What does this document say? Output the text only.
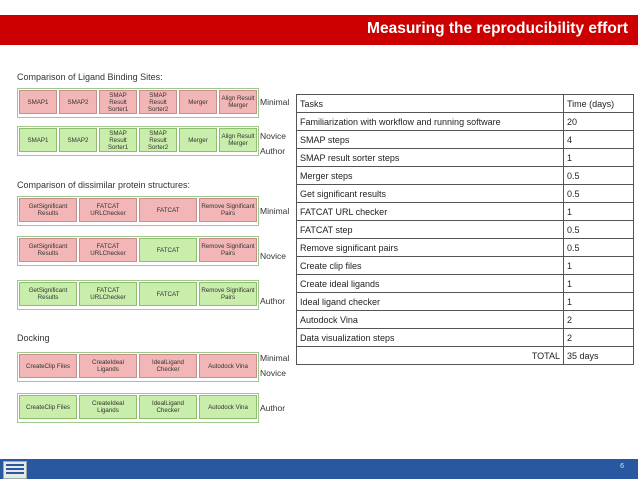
Measuring the reproducibility effort
Comparison of Ligand Binding Sites:
SMAP1	SMAP2
SMAP Result Sorter1
SMAP Result Sorter2
Merger	Align Result Merger	Minimal
SMAP1	SMAP2
SMAP Result Sorter1
SMAP Result Sorter2
Merger	Align Result Merger
Novice
Author
Comparison of dissimilar protein structures:
GetSignificant Results
FATCAT URLChecker	FATCAT	Remove Significant Pairs	Minimal
GetSignificant Results
FATCAT URLChecker	FATCAT	Remove Significant Pairs	Novice
GetSignificant Results
FATCAT URLChecker	FATCAT	Remove Significant Pairs	Author
Docking
CreateClip Files	CreateIdeal Ligands
IdealLigand Checker	Autodock Vina
Minimal
Novice
CreateClip Files	CreateIdeal Ligands
IdealLigand Checker	Autodock Vina	Author
Tasks	Time (days)
Familiarization with workflow and running software	20
SMAP steps	4
SMAP result sorter steps	1
Merger steps	0.5
Get significant results	0.5
FATCAT URL checker	1
FATCAT step	0.5
Remove significant pairs	0.5
Create clip files	1
Create ideal ligands	1
Ideal ligand checker	1
Autodock Vina	2
Data visualization steps	2
TOTAL	35 days
6
